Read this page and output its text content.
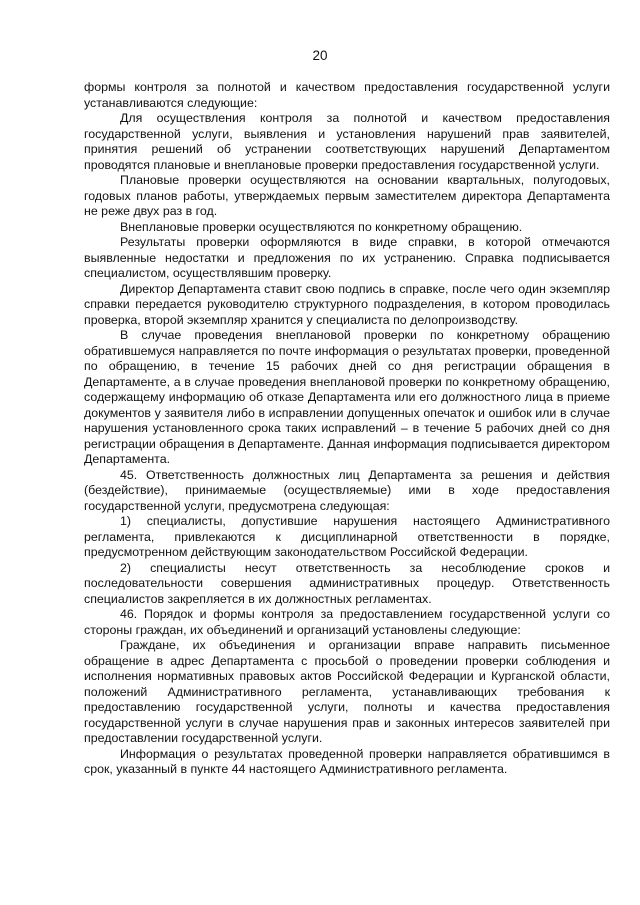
20

формы контроля за полнотой и качеством предоставления государственной услуги устанавливаются следующие:

Для осуществления контроля за полнотой и качеством предоставления государственной услуги, выявления и установления нарушений прав заявителей, принятия решений об устранении соответствующих нарушений Департаментом проводятся плановые и внеплановые проверки предоставления государственной услуги.

Плановые проверки осуществляются на основании квартальных, полугодовых, годовых планов работы, утверждаемых первым заместителем директора Департамента не реже двух раз в год.

Внеплановые проверки осуществляются по конкретному обращению.

Результаты проверки оформляются в виде справки, в которой отмечаются выявленные недостатки и предложения по их устранению. Справка подписывается специалистом, осуществлявшим проверку.

Директор Департамента ставит свою подпись в справке, после чего один экземпляр справки передается руководителю структурного подразделения, в котором проводилась проверка, второй экземпляр хранится у специалиста по делопроизводству.

В случае проведения внеплановой проверки по конкретному обращению обратившемуся направляется по почте информация о результатах проверки, проведенной по обращению, в течение 15 рабочих дней со дня регистрации обращения в Департаменте, а в случае проведения внеплановой проверки по конкретному обращению, содержащему информацию об отказе Департамента или его должностного лица в приеме документов у заявителя либо в исправлении допущенных опечаток и ошибок или в случае нарушения установленного срока таких исправлений – в течение 5 рабочих дней со дня регистрации обращения в Департаменте. Данная информация подписывается директором Департамента.

45. Ответственность должностных лиц Департамента за решения и действия (бездействие), принимаемые (осуществляемые) ими в ходе предоставления государственной услуги, предусмотрена следующая:

1) специалисты, допустившие нарушения настоящего Административного регламента, привлекаются к дисциплинарной ответственности в порядке, предусмотренном действующим законодательством Российской Федерации.

2) специалисты несут ответственность за несоблюдение сроков и последовательности совершения административных процедур. Ответственность специалистов закрепляется в их должностных регламентах.

46. Порядок и формы контроля за предоставлением государственной услуги со стороны граждан, их объединений и организаций установлены следующие:

Граждане, их объединения и организации вправе направить письменное обращение в адрес Департамента с просьбой о проведении проверки соблюдения и исполнения нормативных правовых актов Российской Федерации и Курганской области, положений Административного регламента, устанавливающих требования к предоставлению государственной услуги, полноты и качества предоставления государственной услуги в случае нарушения прав и законных интересов заявителей при предоставлении государственной услуги.

Информация о результатах проведенной проверки направляется обратившимся в срок, указанный в пункте 44 настоящего Административного регламента.
